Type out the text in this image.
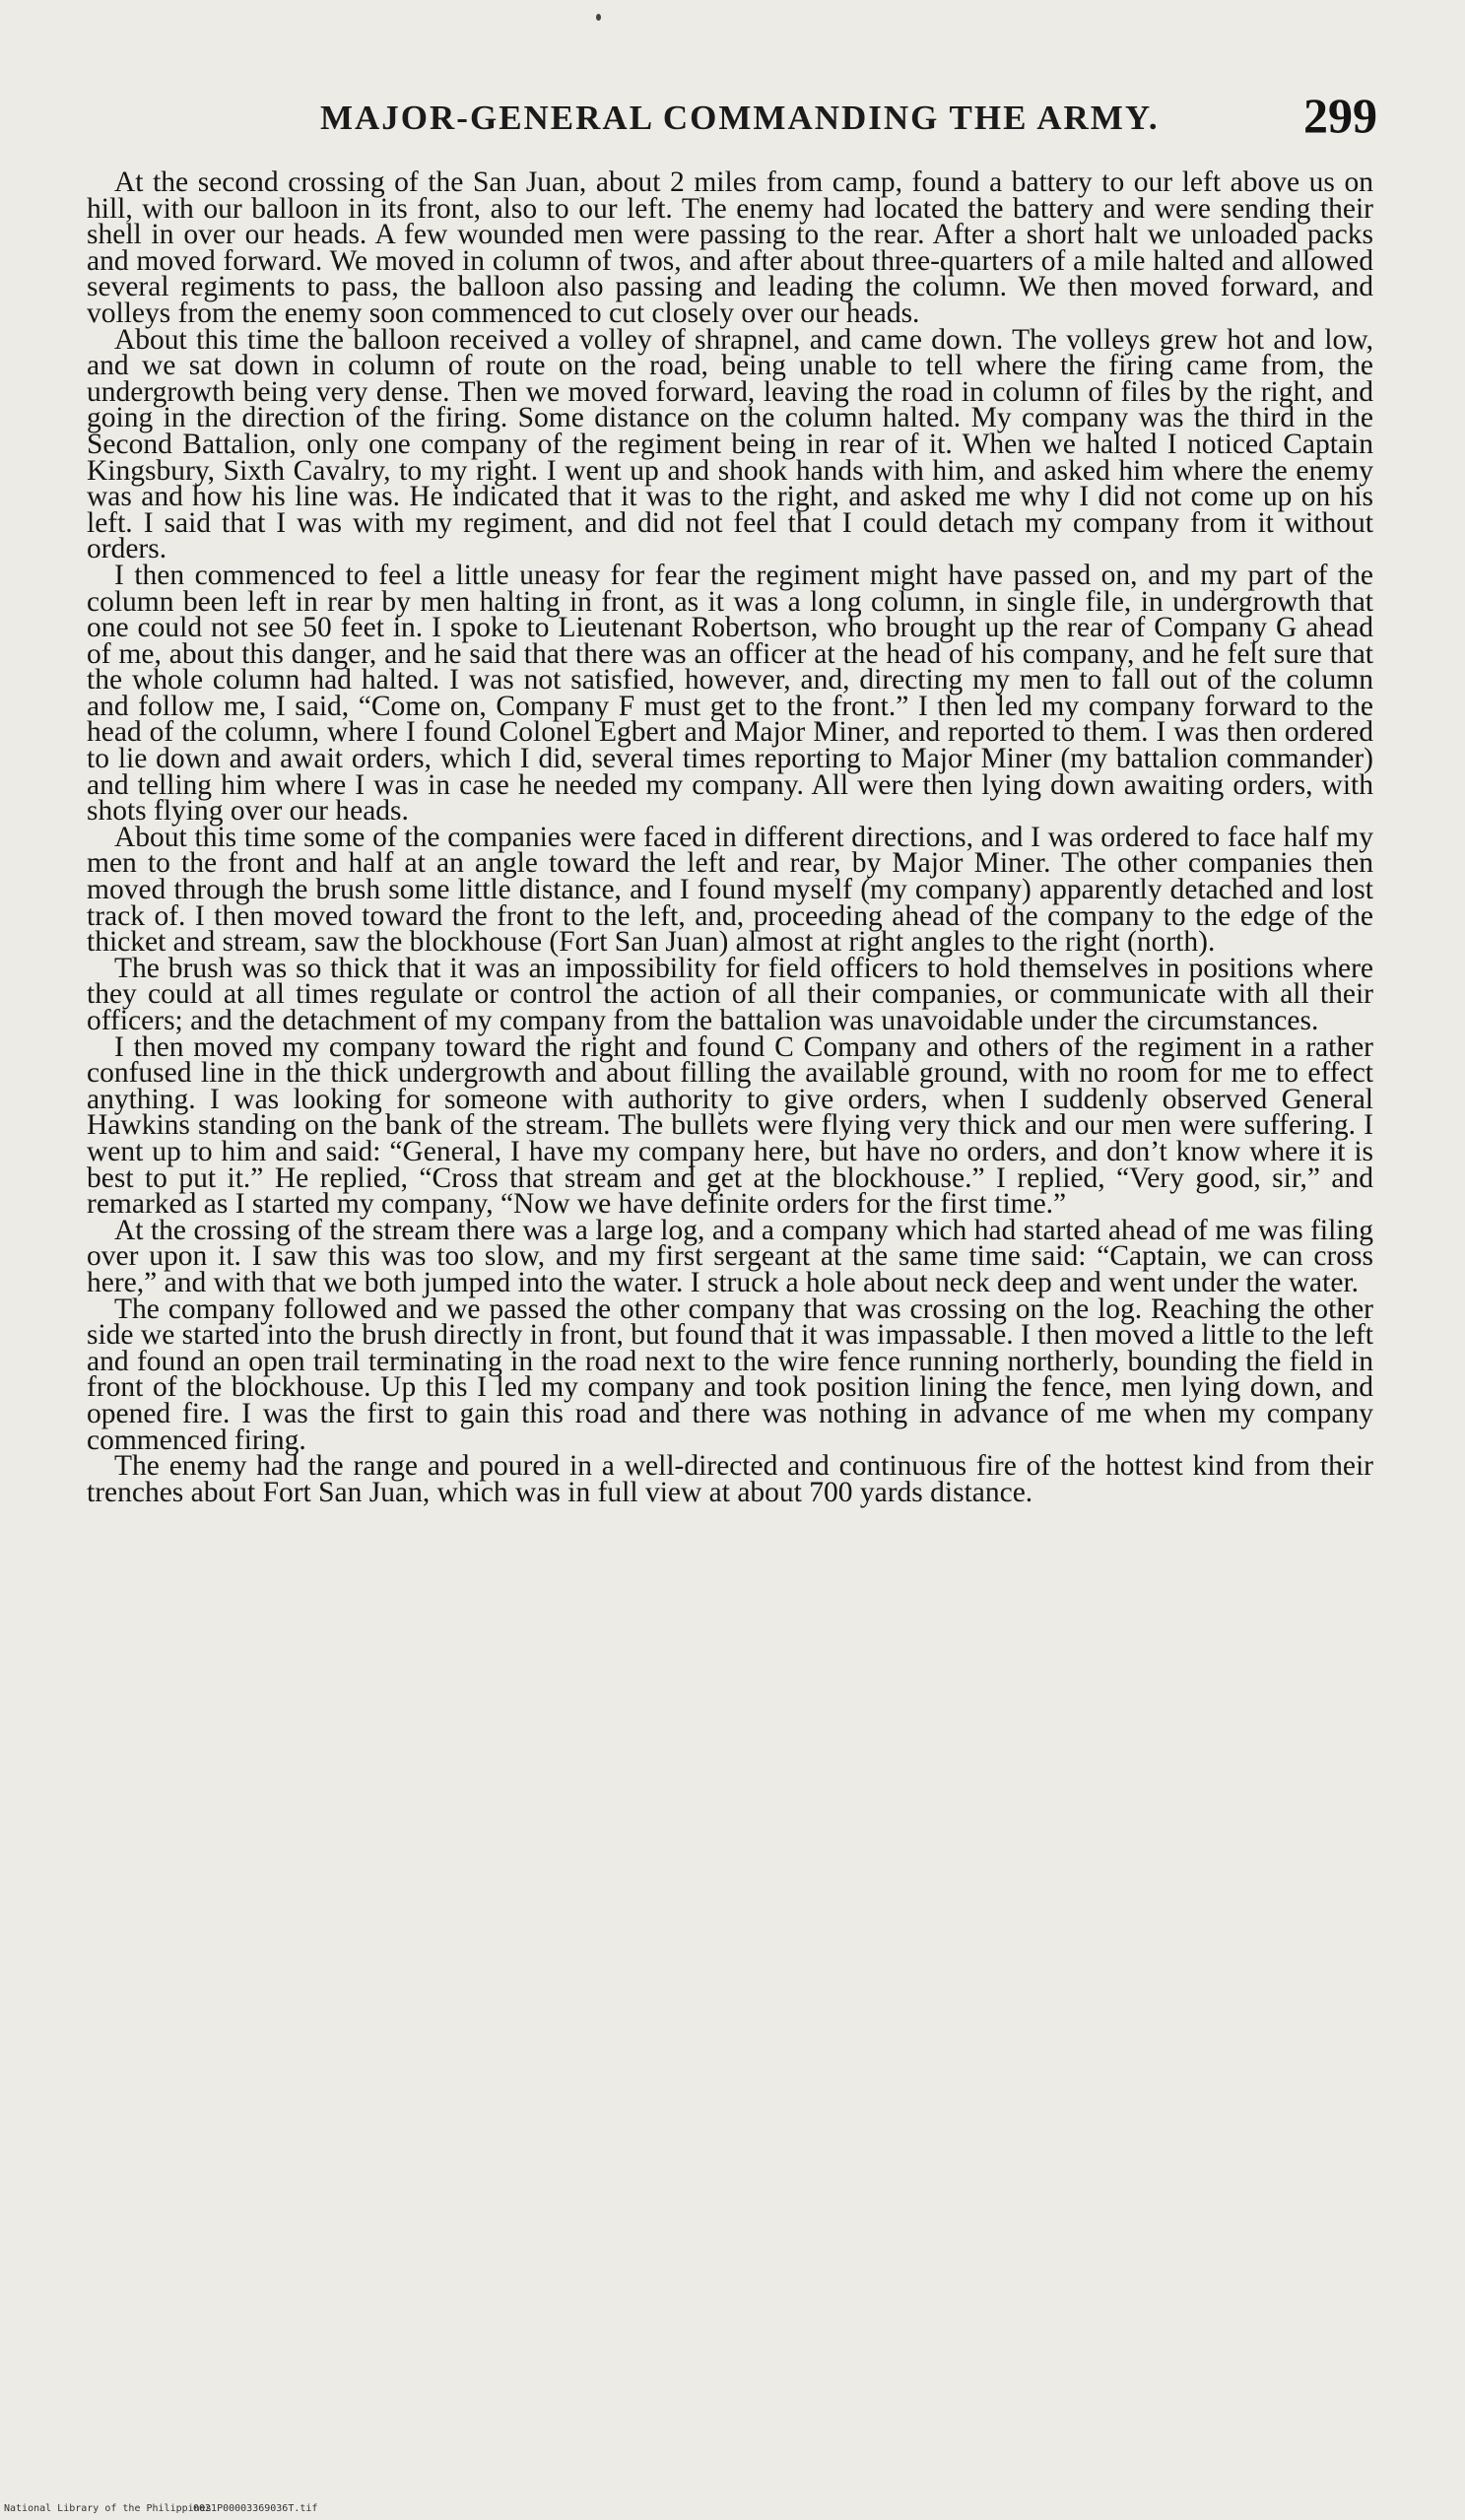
MAJOR-GENERAL COMMANDING THE ARMY.	299

At the second crossing of the San Juan, about 2 miles from camp, found a battery to our left above us on hill, with our balloon in its front, also to our left. The enemy had located the battery and were sending their shell in over our heads. A few wounded men were passing to the rear. After a short halt we unloaded packs and moved forward. We moved in column of twos, and after about three-quarters of a mile halted and allowed several regiments to pass, the balloon also passing and leading the column. We then moved forward, and volleys from the enemy soon commenced to cut closely over our heads.

About this time the balloon received a volley of shrapnel, and came down. The volleys grew hot and low, and we sat down in column of route on the road, being unable to tell where the firing came from, the undergrowth being very dense. Then we moved forward, leaving the road in column of files by the right, and going in the direction of the firing. Some distance on the column halted. My company was the third in the Second Battalion, only one company of the regiment being in rear of it. When we halted I noticed Captain Kingsbury, Sixth Cavalry, to my right. I went up and shook hands with him, and asked him where the enemy was and how his line was. He indicated that it was to the right, and asked me why I did not come up on his left. I said that I was with my regiment, and did not feel that I could detach my company from it without orders.

I then commenced to feel a little uneasy for fear the regiment might have passed on, and my part of the column been left in rear by men halting in front, as it was a long column, in single file, in undergrowth that one could not see 50 feet in. I spoke to Lieutenant Robertson, who brought up the rear of Company G ahead of me, about this danger, and he said that there was an officer at the head of his company, and he felt sure that the whole column had halted. I was not satisfied, however, and, directing my men to fall out of the column and follow me, I said, “Come on, Company F must get to the front.” I then led my company forward to the head of the column, where I found Colonel Egbert and Major Miner, and reported to them. I was then ordered to lie down and await orders, which I did, several times reporting to Major Miner (my battalion commander) and telling him where I was in case he needed my company. All were then lying down awaiting orders, with shots flying over our heads.

About this time some of the companies were faced in different directions, and I was ordered to face half my men to the front and half at an angle toward the left and rear, by Major Miner. The other companies then moved through the brush some little distance, and I found myself (my company) apparently detached and lost track of. I then moved toward the front to the left, and, proceeding ahead of the company to the edge of the thicket and stream, saw the blockhouse (Fort San Juan) almost at right angles to the right (north).

The brush was so thick that it was an impossibility for field officers to hold themselves in positions where they could at all times regulate or control the action of all their companies, or communicate with all their officers; and the detachment of my company from the battalion was unavoidable under the circumstances.

I then moved my company toward the right and found C Company and others of the regiment in a rather confused line in the thick undergrowth and about filling the available ground, with no room for me to effect anything. I was looking for someone with authority to give orders, when I suddenly observed General Hawkins standing on the bank of the stream. The bullets were flying very thick and our men were suffering. I went up to him and said: “General, I have my company here, but have no orders, and don’t know where it is best to put it.” He replied, “Cross that stream and get at the blockhouse.” I replied, “Very good, sir,” and remarked as I started my company, “Now we have definite orders for the first time.”

At the crossing of the stream there was a large log, and a company which had started ahead of me was filing over upon it. I saw this was too slow, and my first sergeant at the same time said: “Captain, we can cross here,” and with that we both jumped into the water. I struck a hole about neck deep and went under the water.

The company followed and we passed the other company that was crossing on the log. Reaching the other side we started into the brush directly in front, but found that it was impassable. I then moved a little to the left and found an open trail terminating in the road next to the wire fence running northerly, bounding the field in front of the blockhouse. Up this I led my company and took position lining the fence, men lying down, and opened fire. I was the first to gain this road and there was nothing in advance of me when my company commenced firing.

The enemy had the range and poured in a well-directed and continuous fire of the hottest kind from their trenches about Fort San Juan, which was in full view at about 700 yards distance.

National Library of the Philippines
0021P00003369036T.tif
